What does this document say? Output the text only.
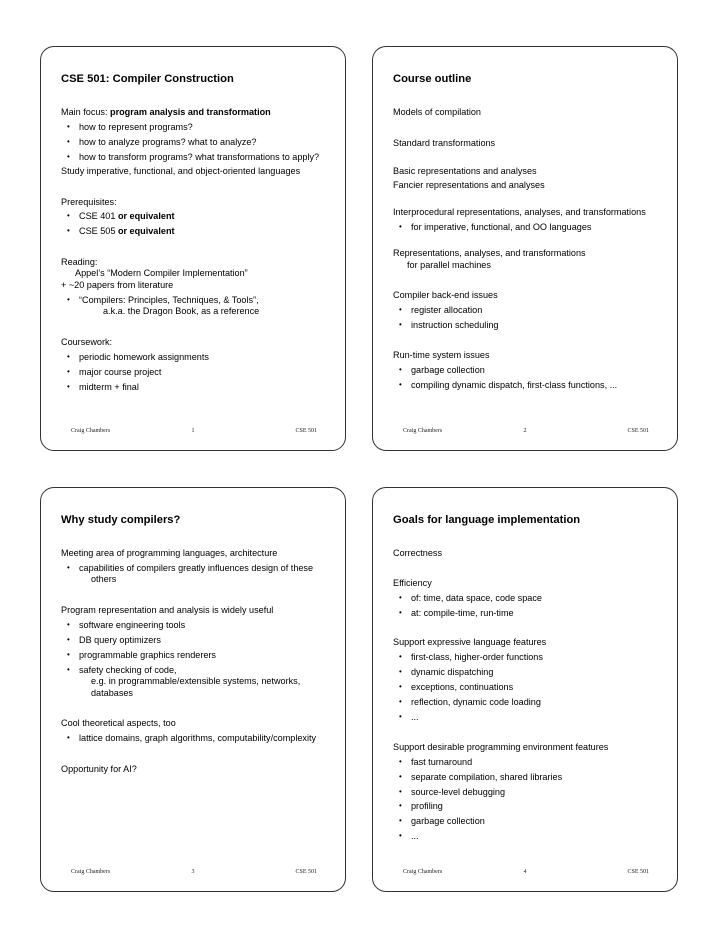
CSE 501: Compiler Construction
Main focus: program analysis and transformation
• how to represent programs?
• how to analyze programs? what to analyze?
• how to transform programs? what transformations to apply?
Study imperative, functional, and object-oriented languages
Prerequisites:
• CSE 401 or equivalent
• CSE 505 or equivalent
Reading:
Appel’s “Modern Compiler Implementation”
+ ~20 papers from literature
• “Compilers: Principles, Techniques, & Tools”,
a.k.a. the Dragon Book, as a reference
Coursework:
• periodic homework assignments
• major course project
• midterm + final
Craig Chambers	1	CSE 501
Course outline
Models of compilation
Standard transformations
Basic representations and analyses
Fancier representations and analyses
Interprocedural representations, analyses, and transformations
• for imperative, functional, and OO languages
Representations, analyses, and transformations
for parallel machines
Compiler back-end issues
• register allocation
• instruction scheduling
Run-time system issues
• garbage collection
• compiling dynamic dispatch, first-class functions, ...
Craig Chambers	2	CSE 501
Why study compilers?
Meeting area of programming languages, architecture
• capabilities of compilers greatly influences design of these
others
Program representation and analysis is widely useful
• software engineering tools
• DB query optimizers
• programmable graphics renderers
• safety checking of code,
e.g. in programmable/extensible systems, networks,
databases
Cool theoretical aspects, too
• lattice domains, graph algorithms, computability/complexity
Opportunity for AI?
Craig Chambers	3	CSE 501
Goals for language implementation
Correctness
Efficiency
• of: time, data space, code space
• at: compile-time, run-time
Support expressive language features
• first-class, higher-order functions
• dynamic dispatching
• exceptions, continuations
• reflection, dynamic code loading
• ...
Support desirable programming environment features
• fast turnaround
• separate compilation, shared libraries
• source-level debugging
• profiling
• garbage collection
• ...
Craig Chambers	4	CSE 501
